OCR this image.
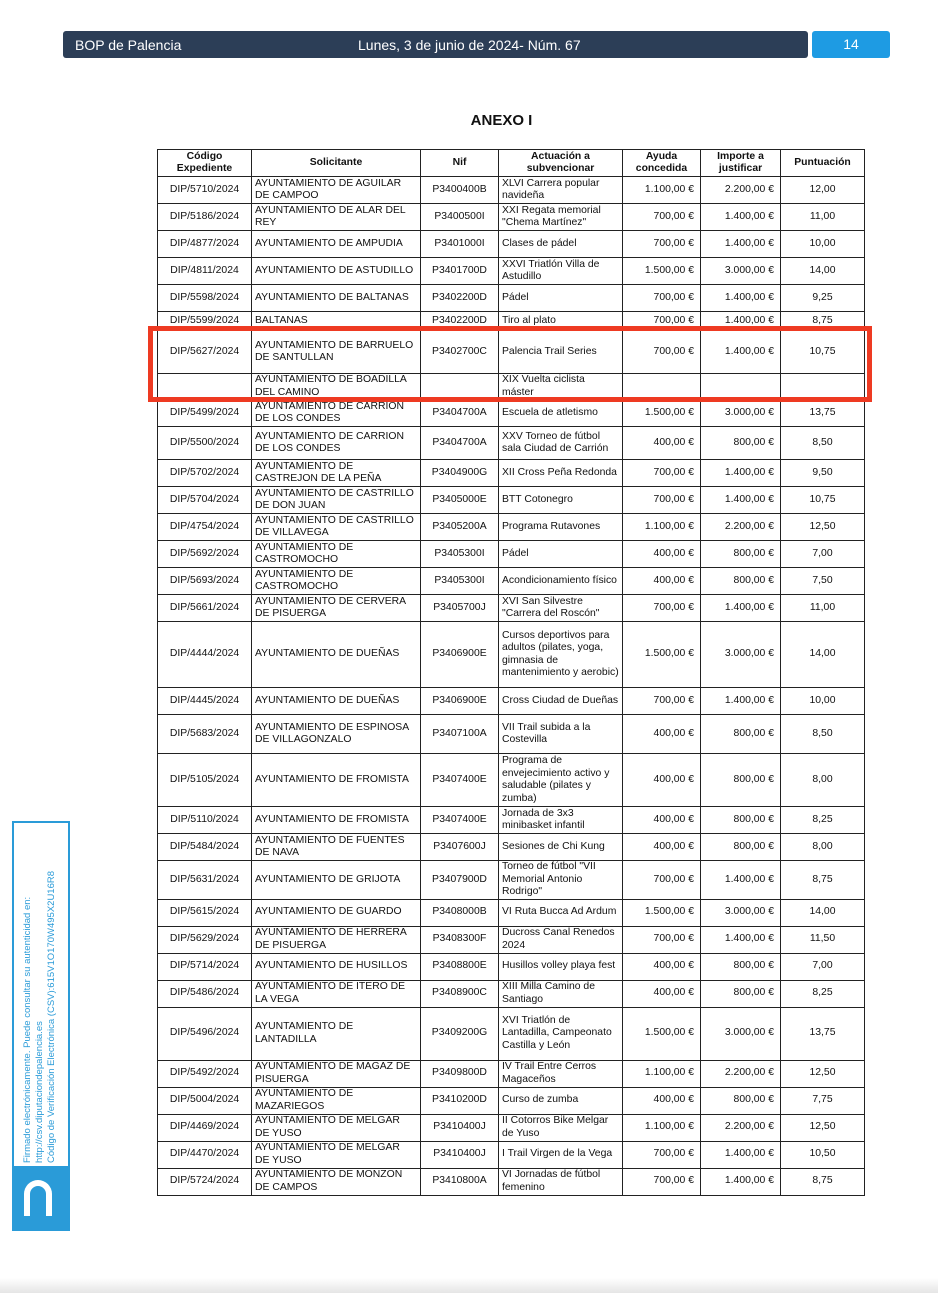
BOP de Palencia	Lunes, 3 de junio de 2024- Núm. 67	14
ANEXO I
Código Expediente	Solicitante	Nif	Actuación a subvencionar	Ayuda concedida	Importe a justificar	Puntuación
DIP/5710/2024	AYUNTAMIENTO DE AGUILAR DE CAMPOO	P3400400B	XLVI Carrera popular navideña	1.100,00 €	2.200,00 €	12,00
DIP/5186/2024	AYUNTAMIENTO DE ALAR DEL REY	P3400500I	XXI Regata memorial "Chema Martínez"	700,00 €	1.400,00 €	11,00
DIP/4877/2024	AYUNTAMIENTO DE AMPUDIA	P3401000I	Clases de pádel	700,00 €	1.400,00 €	10,00
DIP/4811/2024	AYUNTAMIENTO DE ASTUDILLO	P3401700D	XXVI Triatlón Villa de Astudillo	1.500,00 €	3.000,00 €	14,00
DIP/5598/2024	AYUNTAMIENTO DE BALTANAS	P3402200D	Pádel	700,00 €	1.400,00 €	9,25
DIP/5599/2024	BALTANAS	P3402200D	Tiro al plato	700,00 €	1.400,00 €	8,75
DIP/5627/2024	AYUNTAMIENTO DE BARRUELO DE SANTULLAN	P3402700C	Palencia Trail Series	700,00 €	1.400,00 €	10,75
	AYUNTAMIENTO DE BOADILLA DEL CAMINO		XIX Vuelta ciclista máster			
DIP/5499/2024	AYUNTAMIENTO DE CARRION DE LOS CONDES	P3404700A	Escuela de atletismo	1.500,00 €	3.000,00 €	13,75
DIP/5500/2024	AYUNTAMIENTO DE CARRION DE LOS CONDES	P3404700A	XXV Torneo de fútbol sala Ciudad de Carrión	400,00 €	800,00 €	8,50
DIP/5702/2024	AYUNTAMIENTO DE CASTREJON DE LA PEÑA	P3404900G	XII Cross Peña Redonda	700,00 €	1.400,00 €	9,50
DIP/5704/2024	AYUNTAMIENTO DE CASTRILLO DE DON JUAN	P3405000E	BTT Cotonegro	700,00 €	1.400,00 €	10,75
DIP/4754/2024	AYUNTAMIENTO DE CASTRILLO DE VILLAVEGA	P3405200A	Programa Rutavones	1.100,00 €	2.200,00 €	12,50
DIP/5692/2024	AYUNTAMIENTO DE CASTROMOCHO	P3405300I	Pádel	400,00 €	800,00 €	7,00
DIP/5693/2024	AYUNTAMIENTO DE CASTROMOCHO	P3405300I	Acondicionamiento físico	400,00 €	800,00 €	7,50
DIP/5661/2024	AYUNTAMIENTO DE CERVERA DE PISUERGA	P3405700J	XVI San Silvestre "Carrera del Roscón"	700,00 €	1.400,00 €	11,00
DIP/4444/2024	AYUNTAMIENTO DE DUEÑAS	P3406900E	Cursos deportivos para adultos (pilates, yoga, gimnasia de mantenimiento y aerobic)	1.500,00 €	3.000,00 €	14,00
DIP/4445/2024	AYUNTAMIENTO DE DUEÑAS	P3406900E	Cross Ciudad de Dueñas	700,00 €	1.400,00 €	10,00
DIP/5683/2024	AYUNTAMIENTO DE ESPINOSA DE VILLAGONZALO	P3407100A	VII Trail subida a la Costevilla	400,00 €	800,00 €	8,50
DIP/5105/2024	AYUNTAMIENTO DE FROMISTA	P3407400E	Programa de envejecimiento activo y saludable (pilates y zumba)	400,00 €	800,00 €	8,00
DIP/5110/2024	AYUNTAMIENTO DE FROMISTA	P3407400E	Jornada de 3x3 minibasket infantil	400,00 €	800,00 €	8,25
DIP/5484/2024	AYUNTAMIENTO DE FUENTES DE NAVA	P3407600J	Sesiones de Chi Kung	400,00 €	800,00 €	8,00
DIP/5631/2024	AYUNTAMIENTO DE GRIJOTA	P3407900D	Torneo de fútbol "VII Memorial Antonio Rodrigo"	700,00 €	1.400,00 €	8,75
DIP/5615/2024	AYUNTAMIENTO DE GUARDO	P3408000B	VI Ruta Bucca Ad Ardum	1.500,00 €	3.000,00 €	14,00
DIP/5629/2024	AYUNTAMIENTO DE HERRERA DE PISUERGA	P3408300F	Ducross Canal Renedos 2024	700,00 €	1.400,00 €	11,50
DIP/5714/2024	AYUNTAMIENTO DE HUSILLOS	P3408800E	Husillos volley playa fest	400,00 €	800,00 €	7,00
DIP/5486/2024	AYUNTAMIENTO DE ITERO DE LA VEGA	P3408900C	XIII Milla Camino de Santiago	400,00 €	800,00 €	8,25
DIP/5496/2024	AYUNTAMIENTO DE LANTADILLA	P3409200G	XVI Triatlón de Lantadilla, Campeonato Castilla y León	1.500,00 €	3.000,00 €	13,75
DIP/5492/2024	AYUNTAMIENTO DE MAGAZ DE PISUERGA	P3409800D	IV Trail Entre Cerros Magaceños	1.100,00 €	2.200,00 €	12,50
DIP/5004/2024	AYUNTAMIENTO DE MAZARIEGOS	P3410200D	Curso de zumba	400,00 €	800,00 €	7,75
DIP/4469/2024	AYUNTAMIENTO DE MELGAR DE YUSO	P3410400J	II Cotorros Bike Melgar de Yuso	1.100,00 €	2.200,00 €	12,50
DIP/4470/2024	AYUNTAMIENTO DE MELGAR DE YUSO	P3410400J	I Trail Virgen de la Vega	700,00 €	1.400,00 €	10,50
DIP/5724/2024	AYUNTAMIENTO DE MONZON DE CAMPOS	P3410800A	VI Jornadas de fútbol femenino	700,00 €	1.400,00 €	8,75
Firmado electrónicamente. Puede consultar su autenticidad en: http://csv.diputaciondepalencia.es Código de Verificación Electrónica (CSV):615V1O170W495X2U16R8
